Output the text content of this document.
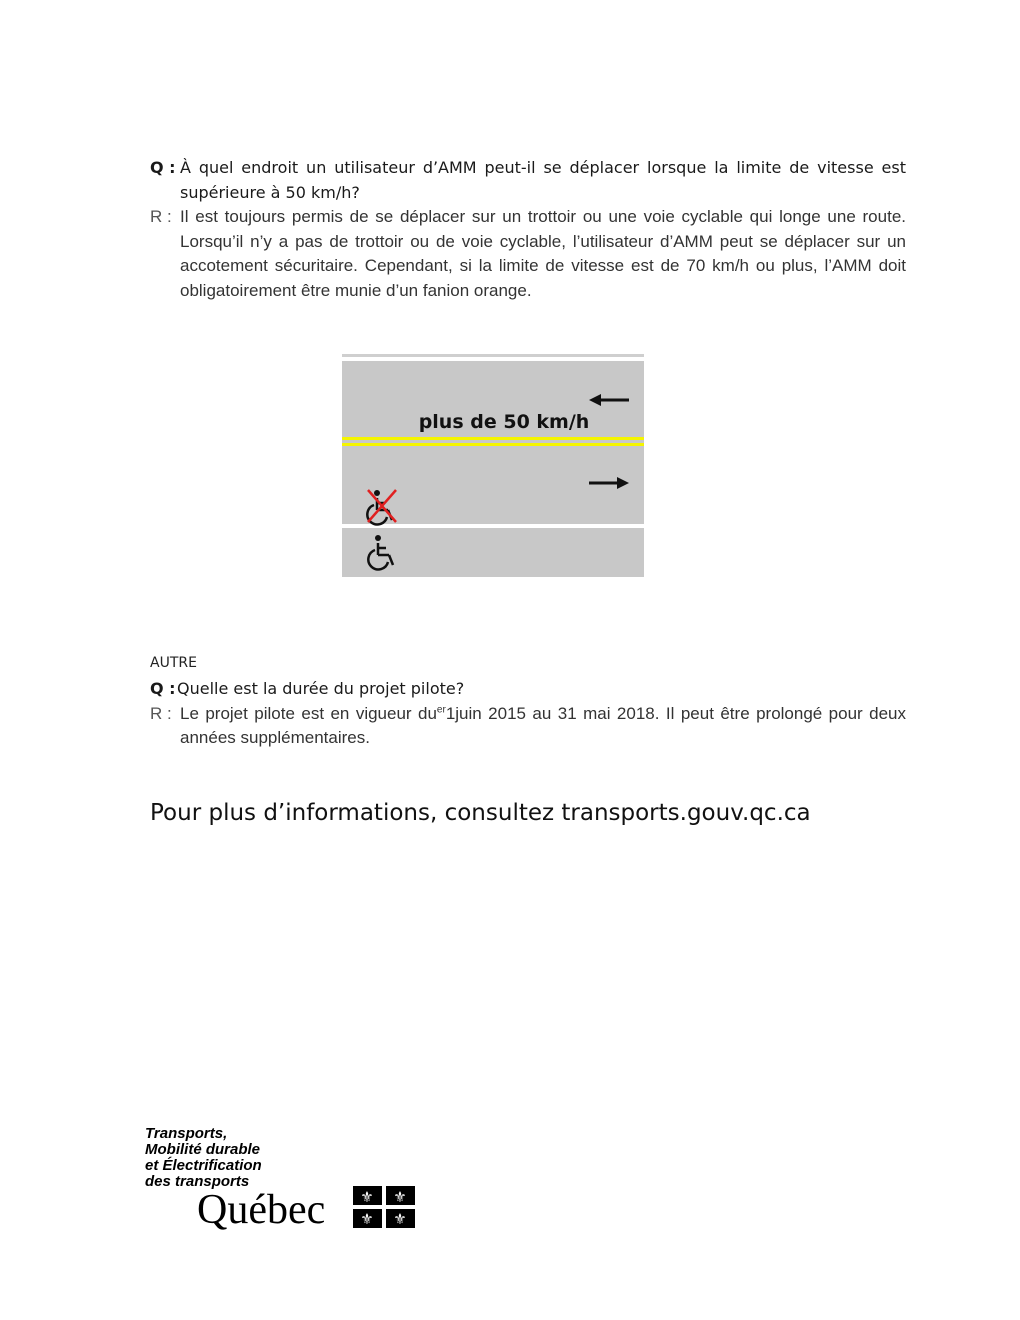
Q : À quel endroit un utilisateur d’AMM peut-il se déplacer lorsque la limite de vitesse est supérieure à 50 km/h?
R : Il est toujours permis de se déplacer sur un trottoir ou une voie cyclable qui longe une route. Lorsqu’il n’y a pas de trottoir ou de voie cyclable, l’utilisateur d’AMM peut se déplacer sur un accotement sécuritaire. Cependant, si la limite de vitesse est de 70 km/h ou plus, l’AMM doit obligatoirement être munie d’un fanion orange.
plus de 50 km/h
AUTRE
Q : Quelle est la durée du projet pilote?
R : Le projet pilote est en vigueur $du^{er}1juin$ 2015 au 31 mai 2018. Il peut être prolongé pour deux années supplémentaires.
Pour plus d’informations, consultez transports.gouv.qc.ca
Transports,
Mobilité durable
et Électrification
des transports
Québec ⚜ ⚜
⚜ ⚜
